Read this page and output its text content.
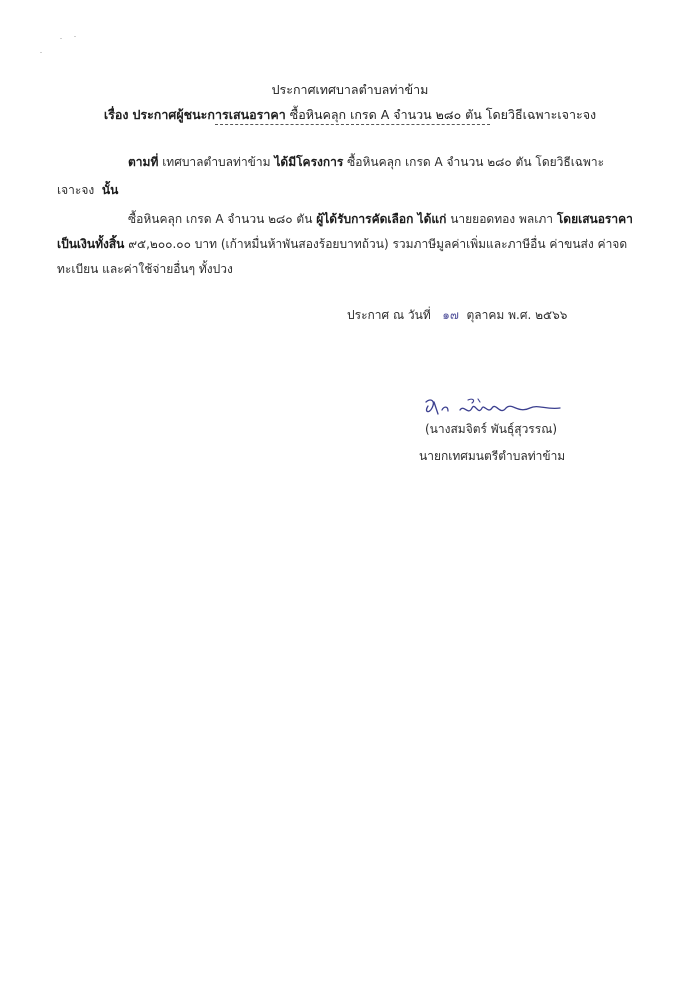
ประกาศเทศบาลตำบลท่าข้าม
เรื่อง ประกาศผู้ชนะการเสนอราคา ซื้อหินคลุก เกรด A จำนวน ๒๘๐ ตัน โดยวิธีเฉพาะเจาะจง
ตามที่ เทศบาลตำบลท่าข้าม ได้มีโครงการ ซื้อหินคลุก เกรด A จำนวน ๒๘๐ ตัน โดยวิธีเฉพาะ
เจาะจง นั้น
ซื้อหินคลุก เกรด A จำนวน ๒๘๐ ตัน ผู้ได้รับการคัดเลือก ได้แก่ นายยอดทอง พลเภา โดยเสนอราคา
เป็นเงินทั้งสิ้น ๙๕,๒๐๐.๐๐ บาท (เก้าหมื่นห้าพันสองร้อยบาทถ้วน) รวมภาษีมูลค่าเพิ่มและภาษีอื่น ค่าขนส่ง ค่าจด
ทะเบียน และค่าใช้จ่ายอื่นๆ ทั้งปวง
ประกาศ ณ วันที่ ๑๗ ตุลาคม พ.ศ. ๒๕๖๖
(นางสมจิตร์ พันธุ์สุวรรณ)
นายกเทศมนตรีตำบลท่าข้าม
